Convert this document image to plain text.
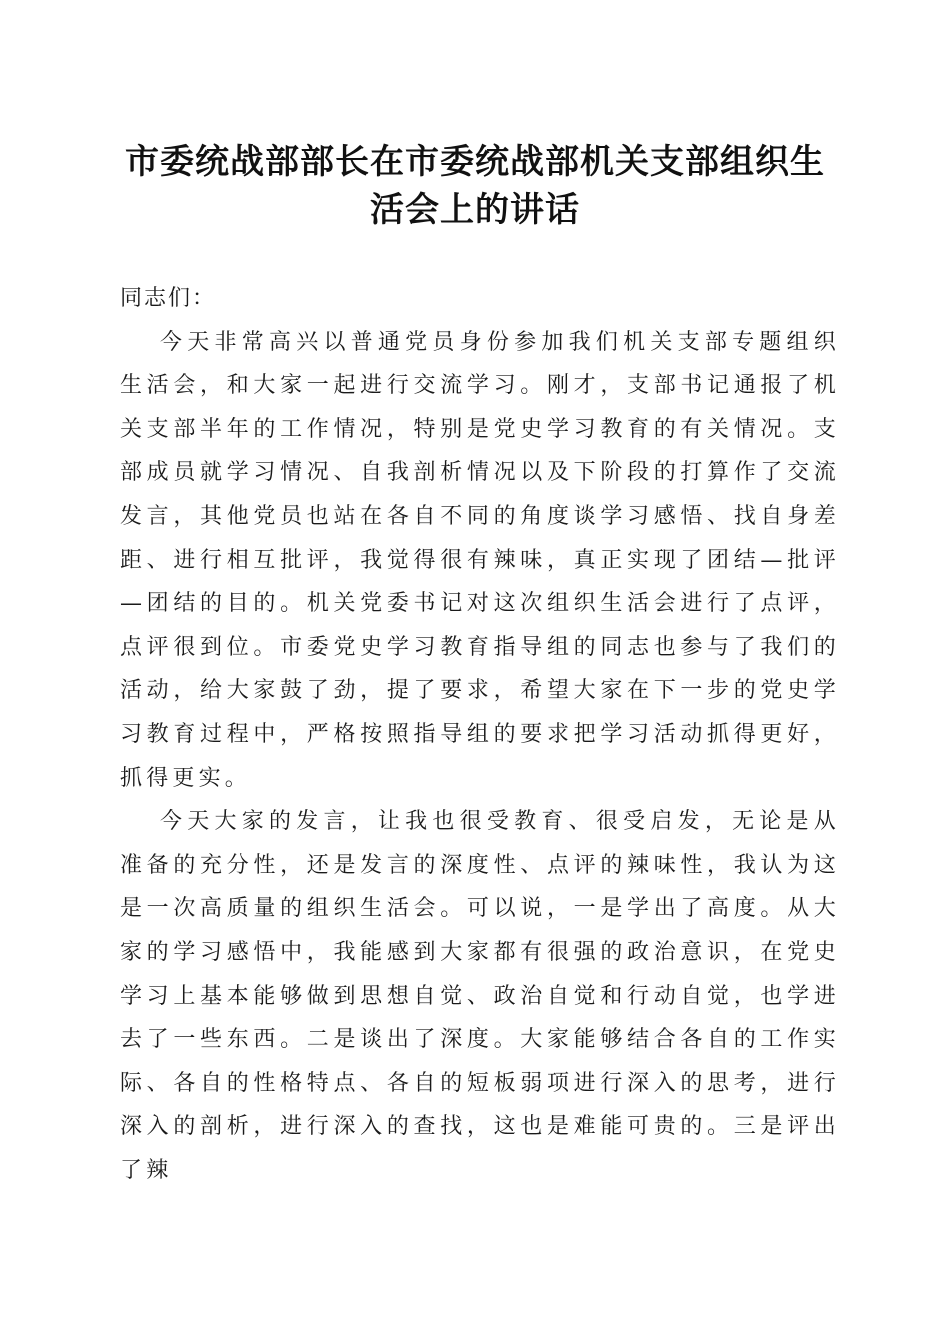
市委统战部部长在市委统战部机关支部组织生
活会上的讲话

同志们：

今天非常高兴以普通党员身份参加我们机关支部专题组织生活会，和大家一起进行交流学习。刚才，支部书记通报了机关支部半年的工作情况，特别是党史学习教育的有关情况。支部成员就学习情况、自我剖析情况以及下阶段的打算作了交流发言，其他党员也站在各自不同的角度谈学习感悟、找自身差距、进行相互批评，我觉得很有辣味，真正实现了团结—批评—团结的目的。机关党委书记对这次组织生活会进行了点评，点评很到位。市委党史学习教育指导组的同志也参与了我们的活动，给大家鼓了劲，提了要求，希望大家在下一步的党史学习教育过程中，严格按照指导组的要求把学习活动抓得更好，抓得更实。

今天大家的发言，让我也很受教育、很受启发，无论是从准备的充分性，还是发言的深度性、点评的辣味性，我认为这是一次高质量的组织生活会。可以说，一是学出了高度。从大家的学习感悟中，我能感到大家都有很强的政治意识，在党史学习上基本能够做到思想自觉、政治自觉和行动自觉，也学进去了一些东西。二是谈出了深度。大家能够结合各自的工作实际、各自的性格特点、各自的短板弱项进行深入的思考，进行深入的剖析，进行深入的查找，这也是难能可贵的。三是评出了辣
